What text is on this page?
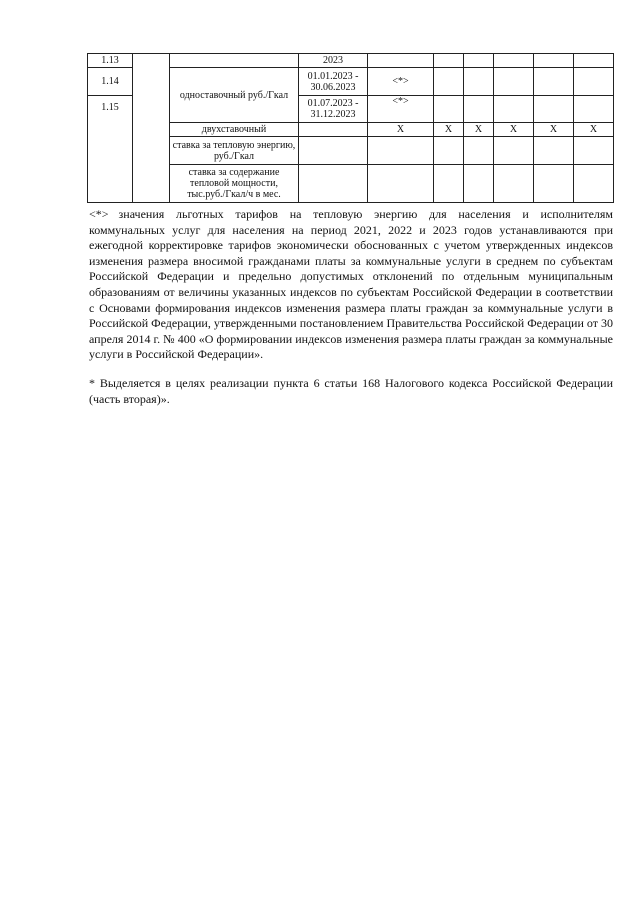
1.13			2023							
1.14		одноставочный руб./Гкал	01.01.2023 - 30.06.2023	<*>						
1.15			01.07.2023 - 31.12.2023	<*>						
		двухставочный		X	X	X	X	X	X	
		ставка за тепловую энергию, руб./Гкал								
		ставка за содержание тепловой мощности, тыс.руб./Гкал/ч в мес.								

<*> значения льготных тарифов на тепловую энергию для населения и исполнителям коммунальных услуг для населения на период 2021, 2022 и 2023 годов устанавливаются при ежегодной корректировке тарифов экономически обоснованных с учетом утвержденных индексов изменения размера вносимой гражданами платы за коммунальные услуги в среднем по субъектам Российской Федерации и предельно допустимых отклонений по отдельным муниципальным образованиям от величины указанных индексов по субъектам Российской Федерации в соответствии с Основами формирования индексов изменения размера платы граждан за коммунальные услуги в Российской Федерации, утвержденными постановлением Правительства Российской Федерации от 30 апреля 2014 г. № 400 «О формировании индексов изменения размера платы граждан за коммунальные услуги в Российской Федерации».

* Выделяется в целях реализации пункта 6 статьи 168 Налогового кодекса Российской Федерации (часть вторая)».
